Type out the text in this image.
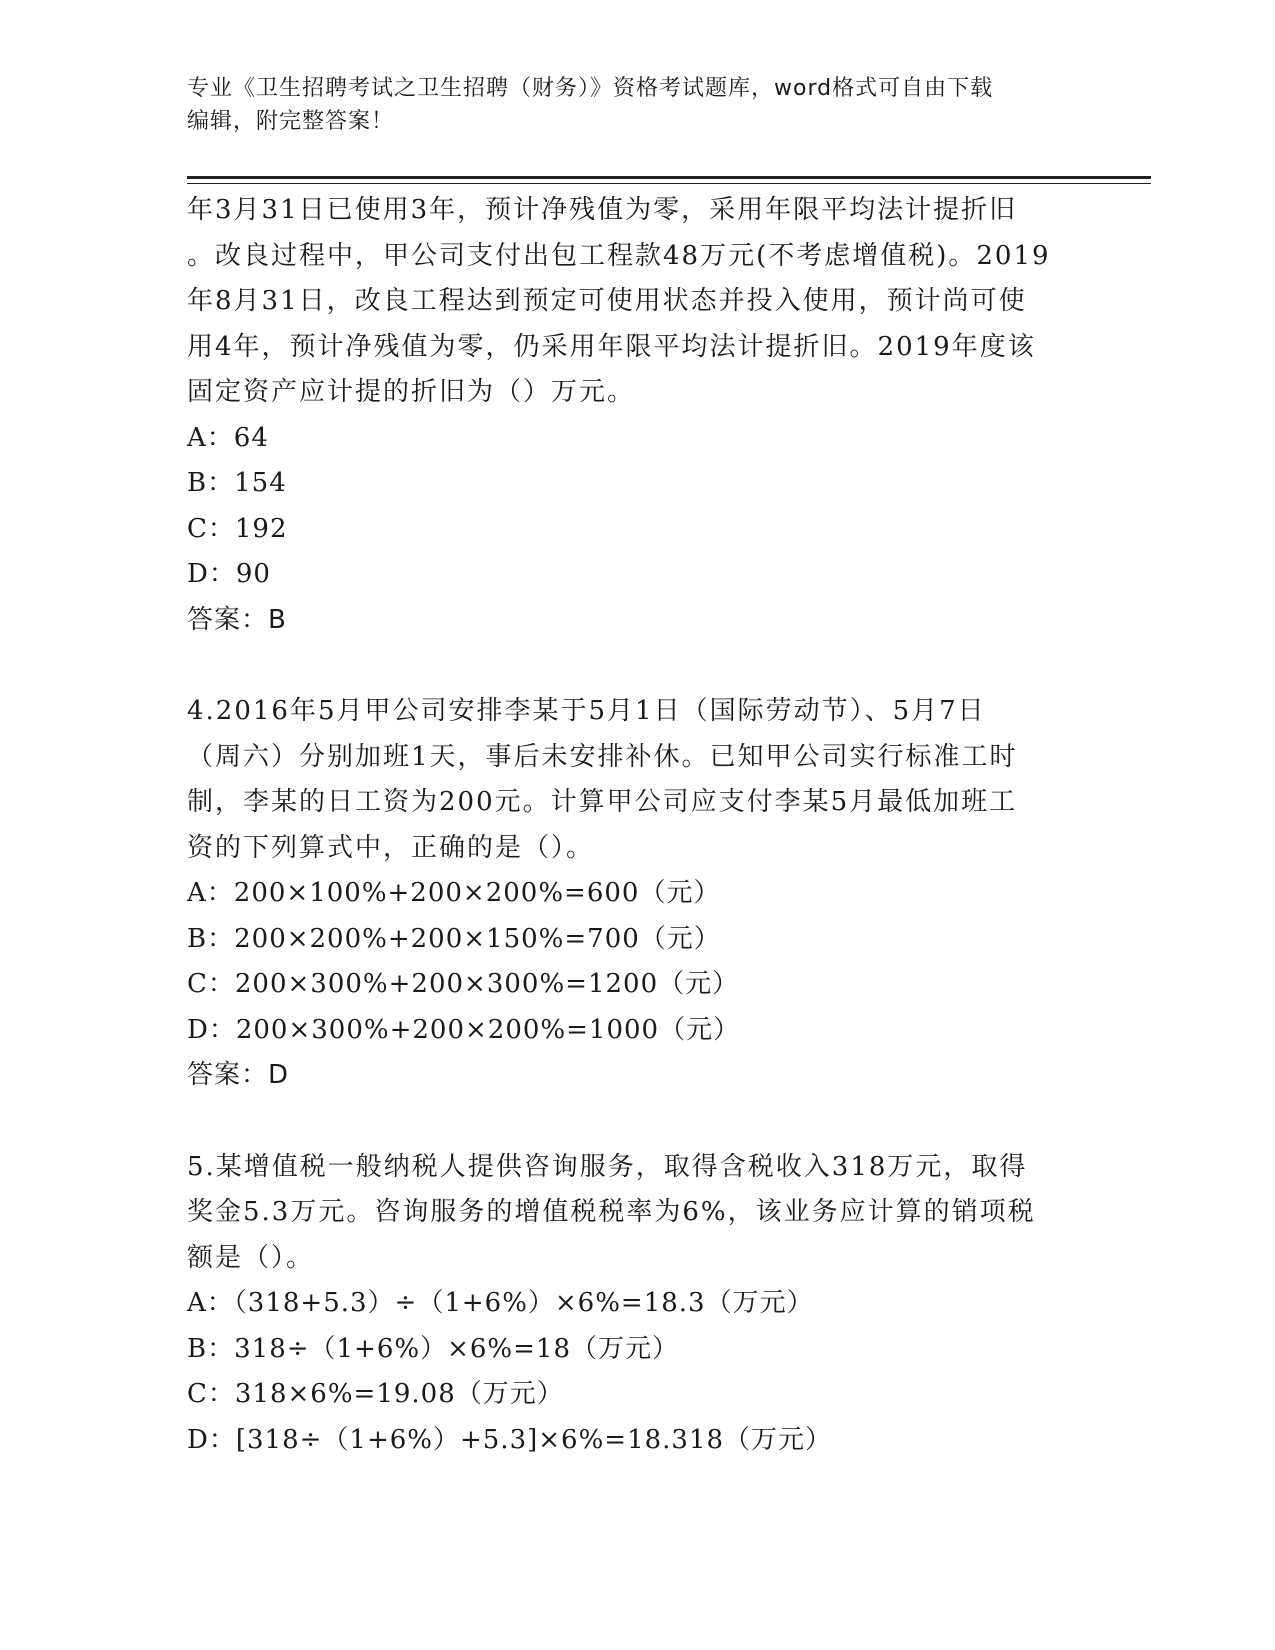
专业《卫生招聘考试之卫生招聘（财务）》资格考试题库，word格式可自由下载
编辑，附完整答案！

年3月31日已使用3年，预计净残值为零，采用年限平均法计提折旧

。改良过程中，甲公司支付出包工程款48万元(不考虑增值税)。2019

年8月31日，改良工程达到预定可使用状态并投入使用，预计尚可使

用4年，预计净残值为零，仍采用年限平均法计提折旧。2019年度该

固定资产应计提的折旧为（）万元。

A：64

B：154

C：192

D：90

答案：B

4.2016年5月甲公司安排李某于5月1日（国际劳动节）、5月7日

（周六）分别加班1天，事后未安排补休。已知甲公司实行标准工时

制，李某的日工资为200元。计算甲公司应支付李某5月最低加班工

资的下列算式中，正确的是（）。

A：200×100%+200×200%=600（元）

B：200×200%+200×150%=700（元）

C：200×300%+200×300%=1200（元）

D：200×300%+200×200%=1000（元）

答案：D

5.某增值税一般纳税人提供咨询服务，取得含税收入318万元，取得

奖金5.3万元。咨询服务的增值税税率为6%，该业务应计算的销项税

额是（）。

A：（318+5.3）÷（1+6%）×6%=18.3（万元）

B：318÷（1+6%）×6%=18（万元）

C：318×6%=19.08（万元）

D：[318÷（1+6%）+5.3]×6%=18.318（万元）
